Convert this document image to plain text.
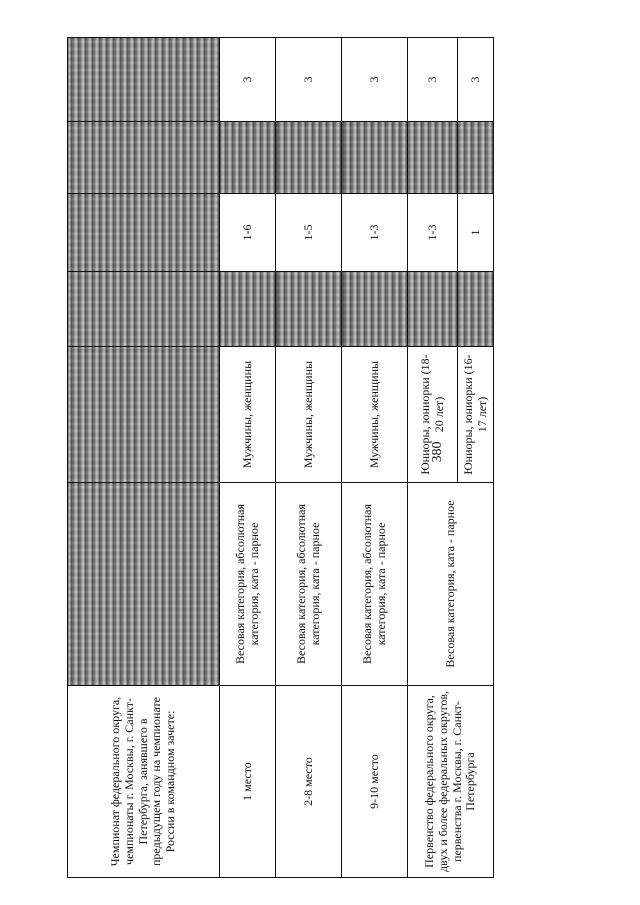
380
Чемпионат федерального округа, чемпионаты г. Москвы, г. Санкт-Петербурга, занявшего в предыдущем году на чемпионате России в командном зачете:						
1 место	Весовая категория, абсолютная категория, ката - парное	Мужчины, женщины		1-6		3
2-8 место	Весовая категория, абсолютная категория, ката - парное	Мужчины, женщины		1-5		3
9-10 место	Весовая категория, абсолютная категория, ката - парное	Мужчины, женщины		1-3		3
Первенство федерального округа, двух и более федеральных округов, первенства г. Москвы, г. Санкт-Петербурга	Весовая категория, ката - парное	Юниоры, юниорки (18-20 лет)		1-3		3
		Юниоры, юниорки (16-17 лет)		1		3
